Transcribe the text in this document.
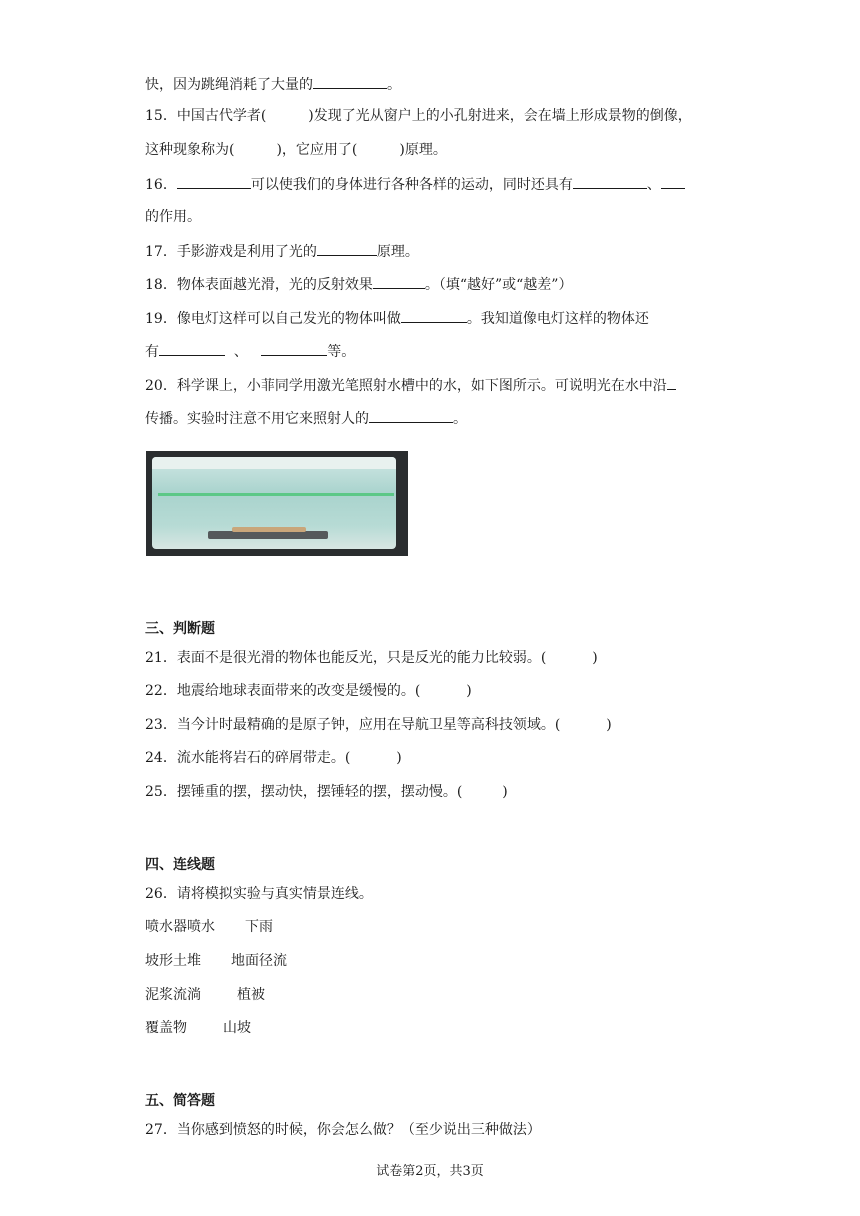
快，因为跳绳消耗了大量的	。
15．中国古代学者(	)发现了光从窗户上的小孔射进来，会在墙上形成景物的倒像，
这种现象称为(	)，它应用了(	)原理。
16．	可以使我们的身体进行各种各样的运动，同时还具有	、
的作用。
17．手影游戏是利用了光的	原理。
18．物体表面越光滑，光的反射效果	。（填“越好”或“越差”）
19．像电灯这样可以自己发光的物体叫做	。我知道像电灯这样的物体还
有	、	等。
20．科学课上，小菲同学用激光笔照射水槽中的水，如下图所示。可说明光在水中沿
传播。实验时注意不用它来照射人的	。
三、判断题
21．表面不是很光滑的物体也能反光，只是反光的能力比较弱。(	)
22．地震给地球表面带来的改变是缓慢的。(	)
23．当今计时最精确的是原子钟，应用在导航卫星等高科技领域。(	)
24．流水能将岩石的碎屑带走。(	)
25．摆锤重的摆，摆动快，摆锤轻的摆，摆动慢。(	)
四、连线题
26．请将模拟实验与真实情景连线。
喷水器喷水 下雨
坡形土堆 地面径流
泥浆流淌	植被
覆盖物	山坡
五、简答题
27．当你感到愤怒的时候，你会怎么做？（至少说出三种做法）
试卷第2页，共3页
